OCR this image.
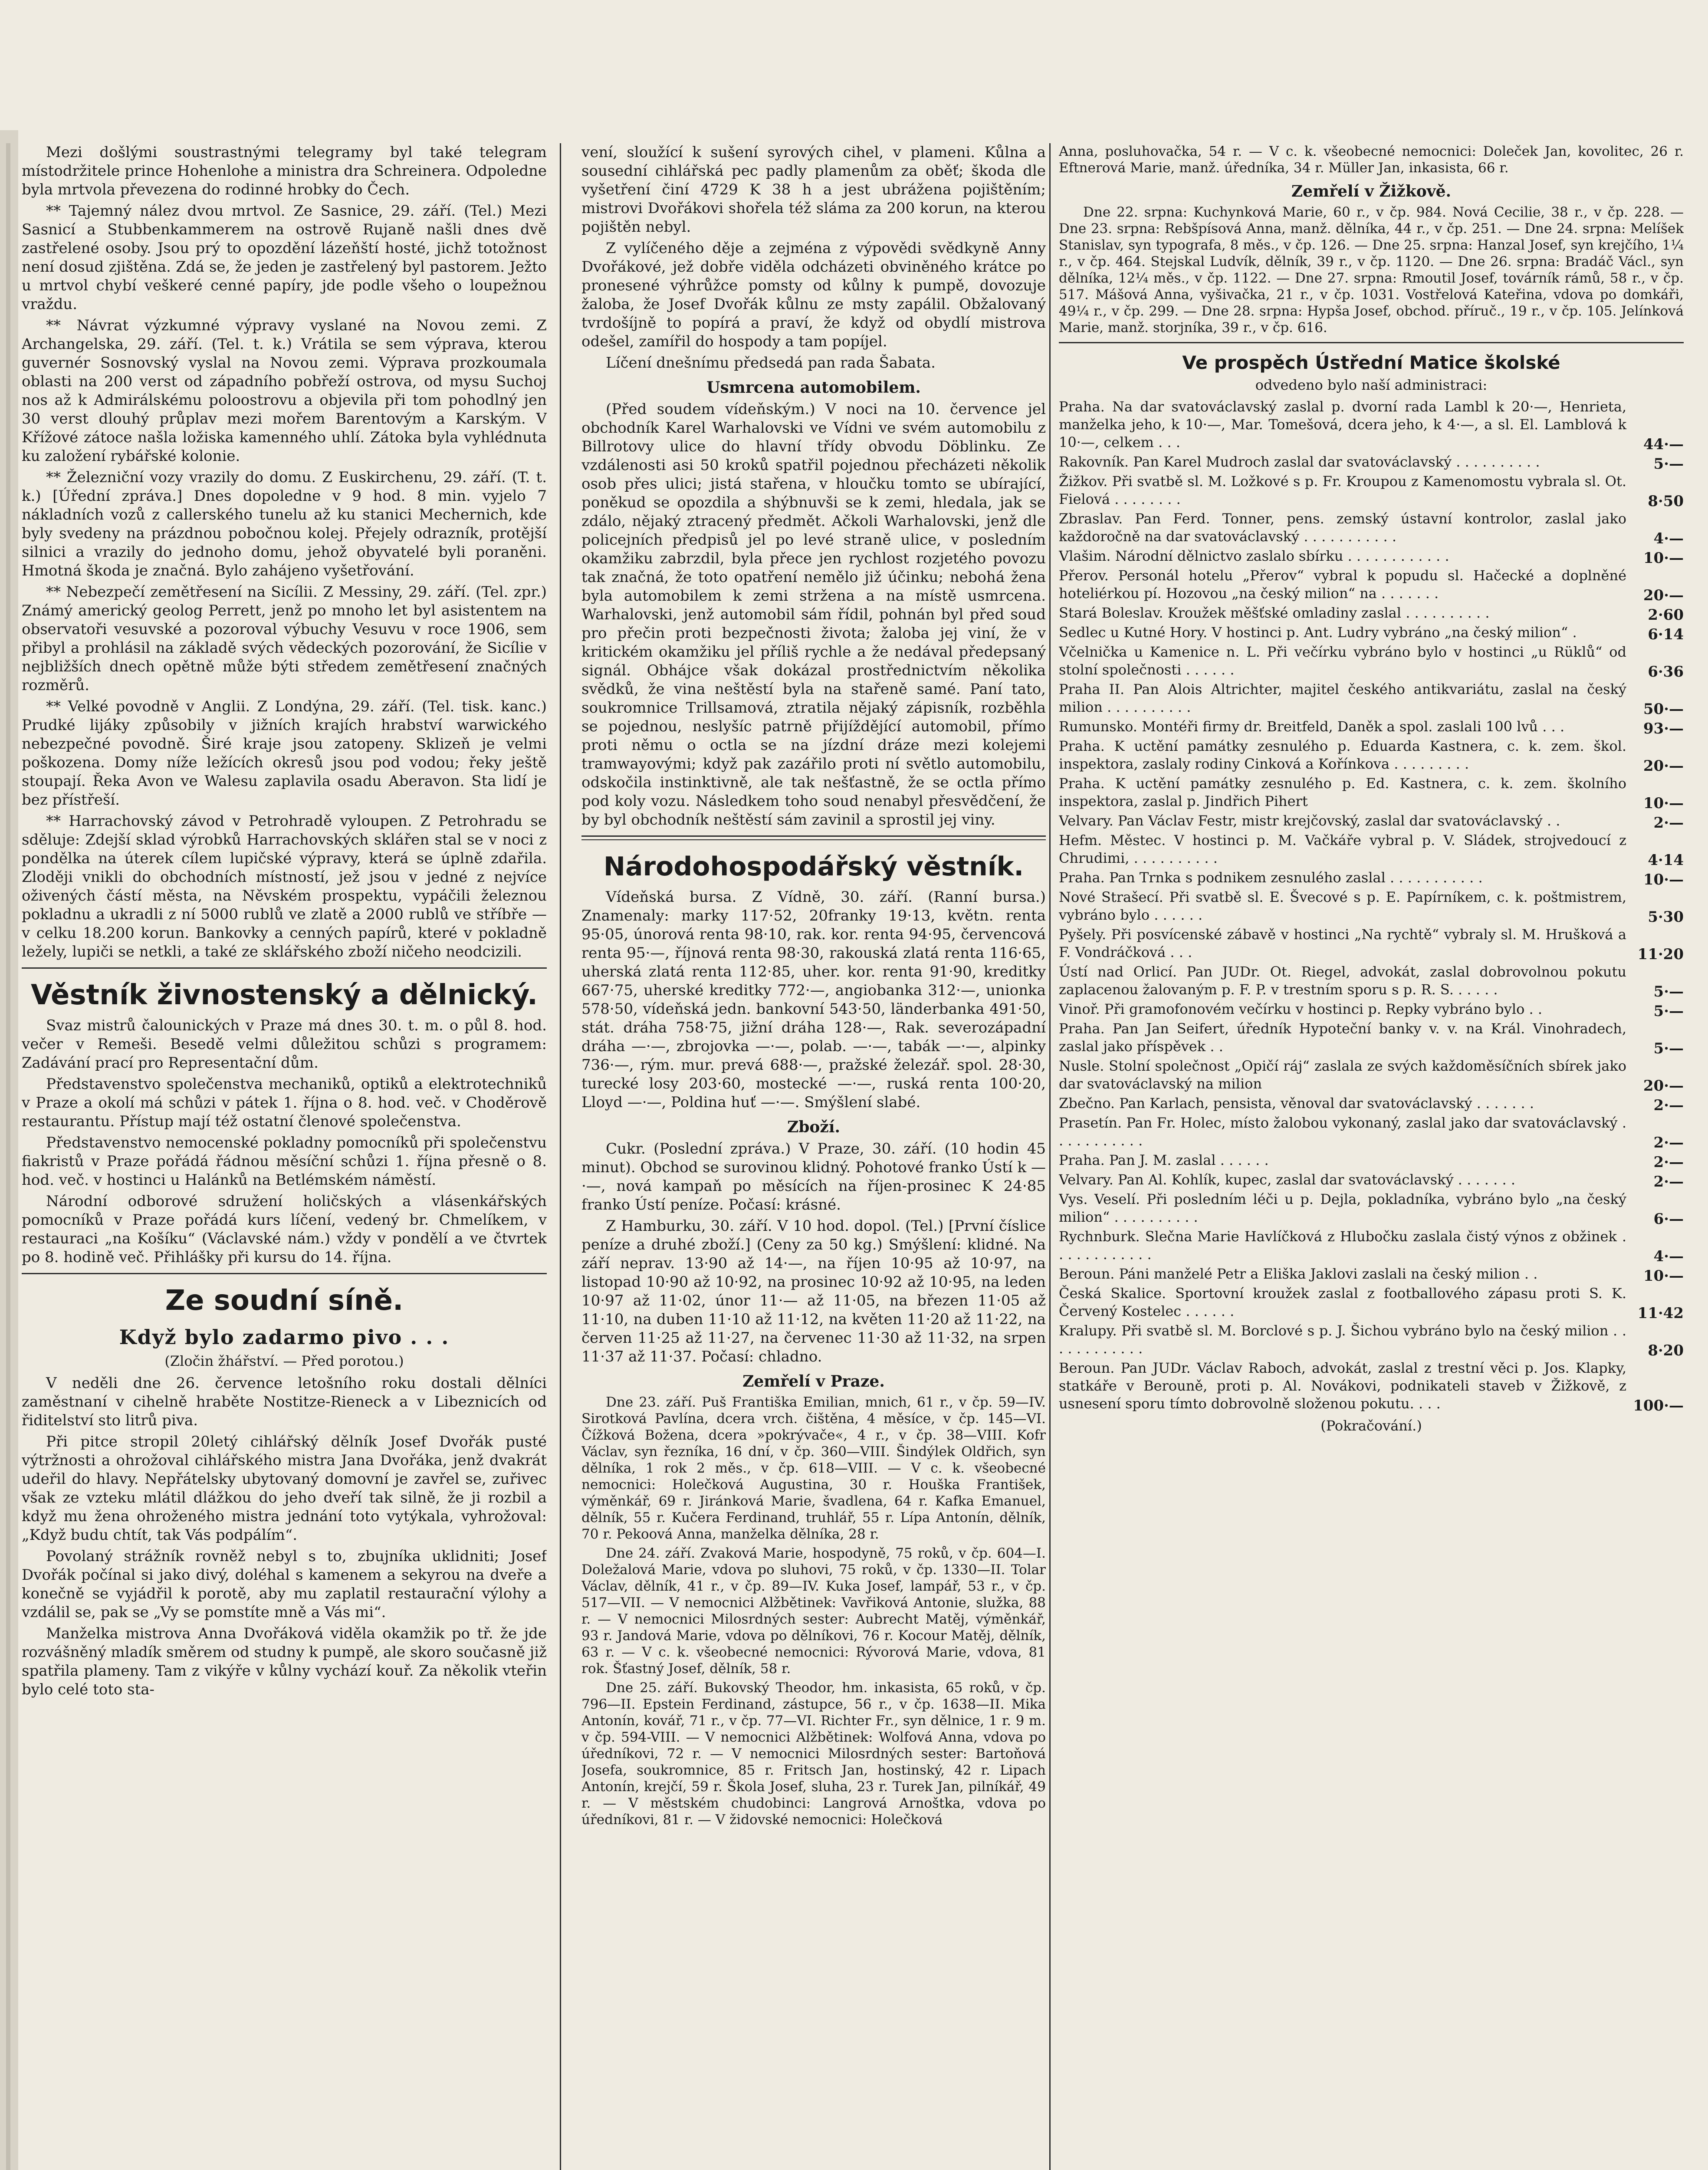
Mezi došlými soustrastnými telegramy byl také telegram místodržitele prince Hohenlohe a ministra dra Schreinera. Odpoledne byla mrtvola převezena do rodinné hrobky do Čech.

** Tajemný nález dvou mrtvol. Ze Sasnice, 29. září. (Tel.) Mezi Sasnicí a Stubbenkammerem na ostrově Rujaně našli dnes dvě zastřelené osoby. Jsou prý to opozdění lázeňští hosté, jichž totožnost není dosud zjištěna. Zdá se, že jeden je zastřelený byl pastorem. Ježto u mrtvol chybí veškeré cenné papíry, jde podle všeho o loupežnou vraždu.

** Návrat výzkumné výpravy vyslané na Novou zemi. Z Archangelska, 29. září. (Tel. t. k.) Vrátila se sem výprava, kterou guvernér Sosnovský vyslal na Novou zemi. Výprava prozkoumala oblasti na 200 verst od západního pobřeží ostrova, od mysu Suchoj nos až k Admirálskému poloostrovu a objevila při tom pohodlný jen 30 verst dlouhý průplav mezi mořem Barentovým a Karským. V Křížové zátoce našla ložiska kamenného uhlí. Zátoka byla vyhlédnuta ku založení rybářské kolonie.

** Železniční vozy vrazily do domu. Z Euskirchenu, 29. září. (T. t. k.) [Úřední zpráva.] Dnes dopoledne v 9 hod. 8 min. vyjelo 7 nákladních vozů z callerského tunelu až ku stanici Mechernich, kde byly svedeny na prázdnou pobočnou kolej. Přejely odrazník, protější silnici a vrazily do jednoho domu, jehož obyvatelé byli poraněni. Hmotná škoda je značná. Bylo zahájeno vyšetřování.

** Nebezpečí zemětřesení na Sicílii. Z Messiny, 29. září. (Tel. zpr.) Známý americký geolog Perrett, jenž po mnoho let byl asistentem na observatoři vesuvské a pozoroval výbuchy Vesuvu v roce 1906, sem přibyl a prohlásil na základě svých vědeckých pozorování, že Sicílie v nejbližších dnech opětně může býti středem zemětřesení značných rozměrů.

** Velké povodně v Anglii. Z Londýna, 29. září. (Tel. tisk. kanc.) Prudké lijáky způsobily v jižních krajích hrabství warwického nebezpečné povodně. Širé kraje jsou zatopeny. Sklizeň je velmi poškozena. Domy níže ležících okresů jsou pod vodou; řeky ještě stoupají. Řeka Avon ve Walesu zaplavila osadu Aberavon. Sta lidí je bez přístřeší.

** Harrachovský závod v Petrohradě vyloupen. Z Petrohradu se sděluje: Zdejší sklad výrobků Harrachovských sklářen stal se v noci z pondělka na úterek cílem lupičské výpravy, která se úplně zdařila. Zloději vnikli do obchodních místností, jež jsou v jedné z nejvíce oživených částí města, na Něvském prospektu, vypáčili železnou pokladnu a ukradli z ní 5000 rublů ve zlatě a 2000 rublů ve stříbře — v celku 18.200 korun. Bankovky a cenných papírů, které v pokladně ležely, lupiči se netkli, a také ze sklářského zboží ničeho neodcizili.

Věstník živnostenský a dělnický.

Svaz mistrů čalounických v Praze má dnes 30. t. m. o půl 8. hod. večer v Remeši. Besedě velmi důležitou schůzi s programem: Zadávání prací pro Representační dům.

Představenstvo společenstva mechaniků, optiků a elektrotechniků v Praze a okolí má schůzi v pátek 1. října o 8. hod. več. v Choděrově restaurantu. Přístup mají též ostatní členové společenstva.

Představenstvo nemocenské pokladny pomocníků při společenstvu fiakristů v Praze pořádá řádnou měsíční schůzi 1. října přesně o 8. hod. več. v hostinci u Halánků na Betlémském náměstí.

Národní odborové sdružení holičských a vlásenkářských pomocníků v Praze pořádá kurs líčení, vedený br. Chmelíkem, v restauraci „na Košíku“ (Václavské nám.) vždy v pondělí a ve čtvrtek po 8. hodině več. Přihlášky při kursu do 14. října.

Ze soudní síně.
Když bylo zadarmo pivo . . .
(Zločin žhářství. — Před porotou.)

V neděli dne 26. července letošního roku dostali dělníci zaměstnaní v cihelně hraběte Nostitze-Rieneck a v Libeznicích od řiditelství sto litrů piva.

Při pitce stropil 20letý cihlářský dělník Josef Dvořák pusté výtržnosti a ohrožoval cihlářského mistra Jana Dvořáka, jenž dvakrát udeřil do hlavy. Nepřátelsky ubytovaný domovní je zavřel se, zuřivec však ze vzteku mlátil dlážkou do jeho dveří tak silně, že ji rozbil a když mu žena ohroženého mistra jednání toto vytýkala, vyhrožoval: „Když budu chtít, tak Vás podpálím“.

Povolaný strážník rovněž nebyl s to, zbujníka uklidniti; Josef Dvořák počínal si jako divý, doléhal s kamenem a sekyrou na dveře a konečně se vyjádřil k porotě, aby mu zaplatil restaurační výlohy a vzdálil se, pak se „Vy se pomstíte mně a Vás mi“.

Manželka mistrova Anna Dvořáková viděla okamžik po tř. že jde rozvášněný mladík směrem od studny k pumpě, ale skoro současně již spatřila plameny. Tam z vikýře v kůlny vychází kouř. Za několik vteřin bylo celé toto sta-

vení, sloužící k sušení syrových cihel, v plameni. Kůlna a sousední cihlářská pec padly plamenům za oběť; škoda dle vyšetření činí 4729 K 38 h a jest ubrážena pojištěním; mistrovi Dvořákovi shořela též sláma za 200 korun, na kterou pojištěn nebyl.

Z vylíčeného děje a zejména z výpovědi svědkyně Anny Dvořákové, jež dobře viděla odcházeti obviněného krátce po pronesené výhrůžce pomsty od kůlny k pumpě, dovozuje žaloba, že Josef Dvořák kůlnu ze msty zapálil. Obžalovaný tvrdošíjně to popírá a praví, že když od obydlí mistrova odešel, zamířil do hospody a tam popíjel.

Líčení dnešnímu předsedá pan rada Šabata.

Usmrcena automobilem.

(Před soudem vídeňským.) V noci na 10. července jel obchodník Karel Warhalovski ve Vídni ve svém automobilu z Billrotovy ulice do hlavní třídy obvodu Döblinku. Ze vzdálenosti asi 50 kroků spatřil pojednou přecházeti několik osob přes ulici; jistá stařena, v hloučku tomto se ubírající, poněkud se opozdila a shýbnuvši se k zemi, hledala, jak se zdálo, nějaký ztracený předmět. Ačkoli Warhalovski, jenž dle policejních předpisů jel po levé straně ulice, v posledním okamžiku zabrzdil, byla přece jen rychlost rozjetého povozu tak značná, že toto opatření nemělo již účinku; nebohá žena byla automobilem k zemi stržena a na místě usmrcena. Warhalovski, jenž automobil sám řídil, pohnán byl před soud pro přečin proti bezpečnosti života; žaloba jej viní, že v kritickém okamžiku jel příliš rychle a že nedával předepsaný signál. Obhájce však dokázal prostřednictvím několika svědků, že vina neštěstí byla na stařeně samé. Paní tato, soukromnice Trillsamová, ztratila nějaký zápisník, rozběhla se pojednou, neslyšíc patrně přijíždějící automobil, přímo proti němu o octla se na jízdní dráze mezi kolejemi tramwayovými; když pak zazářilo proti ní světlo automobilu, odskočila instinktivně, ale tak nešťastně, že se octla přímo pod koly vozu. Následkem toho soud nenabyl přesvědčení, že by byl obchodník neštěstí sám zavinil a sprostil jej viny.

Národohospodářský věstník.

Vídeňská bursa. Z Vídně, 30. září. (Ranní bursa.) Znamenaly: marky 117·52, 20franky 19·13, květn. renta 95·05, únorová renta 98·10, rak. kor. renta 94·95, červencová renta 95·—, říjnová renta 98·30, rakouská zlatá renta 116·65, uherská zlatá renta 112·85, uher. kor. renta 91·90, kreditky 667·75, uherské kreditky 772·—, angiobanka 312·—, unionka 578·50, vídeňská jedn. bankovní 543·50, länderbanka 491·50, stát. dráha 758·75, jižní dráha 128·—, Rak. severozápadní dráha —·—, zbrojovka —·—, polab. —·—, tabák —·—, alpinky 736·—, rým. mur. prevá 688·—, pražské železář. spol. 28·30, turecké losy 203·60, mostecké —·—, ruská renta 100·20, Lloyd —·—, Poldina huť —·—. Smýšlení slabé.

Zboží.

Cukr. (Poslední zpráva.) V Praze, 30. září. (10 hodin 45 minut). Obchod se surovinou klidný. Pohotové franko Ústí k —·—, nová kampaň po měsících na říjen-prosinec K 24·85 franko Ústí peníze. Počasí: krásné.

Z Hamburku, 30. září. V 10 hod. dopol. (Tel.) [První číslice peníze a druhé zboží.] (Ceny za 50 kg.) Smýšlení: klidné. Na září neprav. 13·90 až 14·—, na říjen 10·95 až 10·97, na listopad 10·90 až 10·92, na prosinec 10·92 až 10·95, na leden 10·97 až 11·02, únor 11·— až 11·05, na březen 11·05 až 11·10, na duben 11·10 až 11·12, na květen 11·20 až 11·22, na červen 11·25 až 11·27, na červenec 11·30 až 11·32, na srpen 11·37 až 11·37. Počasí: chladno.

Zemřelí v Praze.

Dne 23. září. Puš Františka Emilian, mnich, 61 r., v čp. 59—IV. Sirotková Pavlína, dcera vrch. čištěna, 4 měsíce, v čp. 145—VI. Čížková Božena, dcera »pokrývače«, 4 r., v čp. 38—VIII. Kofr Václav, syn řezníka, 16 dní, v čp. 360—VIII. Šindýlek Oldřich, syn dělníka, 1 rok 2 měs., v čp. 618—VIII. — V c. k. všeobecné nemocnici: Holečková Augustina, 30 r. Houška František, výměnkář, 69 r. Jiránková Marie, švadlena, 64 r. Kafka Emanuel, dělník, 55 r. Kučera Ferdinand, truhlář, 55 r. Lípa Antonín, dělník, 70 r. Pekoová Anna, manželka dělníka, 28 r.

Dne 24. září. Zvaková Marie, hospodyně, 75 roků, v čp. 604—I. Doležalová Marie, vdova po sluhovi, 75 roků, v čp. 1330—II. Tolar Václav, dělník, 41 r., v čp. 89—IV. Kuka Josef, lampář, 53 r., v čp. 517—VII. — V nemocnici Alžbětinek: Vavřiková Antonie, služka, 88 r. — V nemocnici Milosrdných sester: Aubrecht Matěj, výměnkář, 93 r. Jandová Marie, vdova po dělníkovi, 76 r. Kocour Matěj, dělník, 63 r. — V c. k. všeobecné nemocnici: Rývorová Marie, vdova, 81 rok. Šťastný Josef, dělník, 58 r.

Dne 25. září. Bukovský Theodor, hm. inkasista, 65 roků, v čp. 796—II. Epstein Ferdinand, zástupce, 56 r., v čp. 1638—II. Mika Antonín, kovář, 71 r., v čp. 77—VI. Richter Fr., syn dělnice, 1 r. 9 m. v čp. 594-VIII. — V nemocnici Alžbětinek: Wolfová Anna, vdova po úředníkovi, 72 r. — V nemocnici Milosrdných sester: Bartoňová Josefa, soukromnice, 85 r. Fritsch Jan, hostinský, 42 r. Lipach Antonín, krejčí, 59 r. Škola Josef, sluha, 23 r. Turek Jan, pilníkář, 49 r. — V městském chudobinci: Langrová Arnoštka, vdova po úředníkovi, 81 r. — V židovské nemocnici: Holečková

Anna, posluhovačka, 54 r. — V c. k. všeobecné nemocnici: Doleček Jan, kovolitec, 26 r. Eftnerová Marie, manž. úředníka, 34 r. Müller Jan, inkasista, 66 r.

Zemřelí v Žižkově.

Dne 22. srpna: Kuchynková Marie, 60 r., v čp. 984. Nová Cecilie, 38 r., v čp. 228. — Dne 23. srpna: Rebšpísová Anna, manž. dělníka, 44 r., v čp. 251. — Dne 24. srpna: Melíšek Stanislav, syn typografa, 8 měs., v čp. 126. — Dne 25. srpna: Hanzal Josef, syn krejčího, 1¼ r., v čp. 464. Stejskal Ludvík, dělník, 39 r., v čp. 1120. — Dne 26. srpna: Bradáč Václ., syn dělníka, 12¼ měs., v čp. 1122. — Dne 27. srpna: Rmoutil Josef, továrník rámů, 58 r., v čp. 517. Mášová Anna, vyšivačka, 21 r., v čp. 1031. Vostřelová Kateřina, vdova po domkáři, 49¼ r., v čp. 299. — Dne 28. srpna: Hypša Josef, obchod. příruč., 19 r., v čp. 105. Jelínková Marie, manž. storjníka, 39 r., v čp. 616.

Ve prospěch Ústřední Matice školské
odvedeno bylo naší administraci:
Praha. Na dar svatováclavský zaslal p. dvorní rada Lambl k 20·—, Henrieta, manželka jeho, k 10·—, Mar. Tomešová, dcera jeho, k 4·—, a sl. El. Lamblová k 10·—, celkem . . .	44·—
Rakovník. Pan Karel Mudroch zaslal dar svatováclavský . . . . . . . . . .	5·—
Žižkov. Při svatbě sl. M. Ložkové s p. Fr. Kroupou z Kamenomostu vybrala sl. Ot. Fielová . . . . . . . .	8·50
Zbraslav. Pan Ferd. Tonner, pens. zemský ústavní kontrolor, zaslal jako každoročně na dar svatováclavský . . . . . . . . . . .	4·—
Vlašim. Národní dělnictvo zaslalo sbírku . . . . . . . . . . . .	10·—
Přerov. Personál hotelu „Přerov“ vybral k popudu sl. Hačecké a doplněné hoteliérkou pí. Hozovou „na český milion“ na . . . . . . .	20·—
Stará Boleslav. Kroužek měšťské omladiny zaslal . . . . . . . . . .	2·60
Sedlec u Kutné Hory. V hostinci p. Ant. Ludry vybráno „na český milion“ .	6·14
Včelnička u Kamenice n. L. Při večírku vybráno bylo v hostinci „u Rüklů“ od stolní společnosti . . . . . .	6·36
Praha II. Pan Alois Altrichter, majitel českého antikvariátu, zaslal na český milion . . . . . . . . . .	50·—
Rumunsko. Montéři firmy dr. Breitfeld, Daněk a spol. zaslali 100 lvů . . .	93·—
Praha. K uctění památky zesnulého p. Eduarda Kastnera, c. k. zem. škol. inspektora, zaslaly rodiny Cinková a Kořínkova . . . . . . . . .	20·—
Praha. K uctění památky zesnulého p. Ed. Kastnera, c. k. zem. školního inspektora, zaslal p. Jindřich Pihert	10·—
Velvary. Pan Václav Festr, mistr krejčovský, zaslal dar svatováclavský . .	2·—
Hefm. Městec. V hostinci p. M. Vačkáře vybral p. V. Sládek, strojvedoucí z Chrudimi, . . . . . . . . . .	4·14
Praha. Pan Trnka s podnikem zesnulého zaslal . . . . . . . . . . .	10·—
Nové Strašecí. Při svatbě sl. E. Švecové s p. E. Papírníkem, c. k. poštmistrem, vybráno bylo . . . . . .	5·30
Pyšely. Při posvícenské zábavě v hostinci „Na rychtě“ vybraly sl. M. Hrušková a F. Vondráčková . . .	11·20
Ústí nad Orlicí. Pan JUDr. Ot. Riegel, advokát, zaslal dobrovolnou pokutu zaplacenou žalovaným p. F. P. v trestním sporu s p. R. S. . . . . .	5·—
Vinoř. Při gramofonovém večírku v hostinci p. Repky vybráno bylo . .	5·—
Praha. Pan Jan Seifert, úředník Hypoteční banky v. v. na Král. Vinohradech, zaslal jako příspěvek . .	5·—
Nusle. Stolní společnost „Opičí ráj“ zaslala ze svých každoměsíčních sbírek jako dar svatováclavský na milion	20·—
Zbečno. Pan Karlach, pensista, věnoval dar svatováclavský . . . . . . .	2·—
Prasetín. Pan Fr. Holec, místo žalobou vykonaný, zaslal jako dar svatováclavský . . . . . . . . . . .	2·—
Praha. Pan J. M. zaslal . . . . . .	2·—
Velvary. Pan Al. Kohlík, kupec, zaslal dar svatováclavský . . . . . . .	2·—
Vys. Veselí. Při posledním léči u p. Dejla, pokladníka, vybráno bylo „na český milion“ . . . . . . . . . .	6·—
Rychnburk. Slečna Marie Havlíčková z Hlubočku zaslala čistý výnos z obžinek . . . . . . . . . . . .	4·—
Beroun. Páni manželé Petr a Eliška Jaklovi zaslali na český milion . .	10·—
Česká Skalice. Sportovní kroužek zaslal z footballového zápasu proti S. K. Červený Kostelec . . . . . .	11·42
Kralupy. Při svatbě sl. M. Borclové s p. J. Šichou vybráno bylo na český milion . . . . . . . . . . . .	8·20
Beroun. Pan JUDr. Václav Raboch, advokát, zaslal z trestní věci p. Jos. Klapky, statkáře v Berouně, proti p. Al. Novákovi, podnikateli staveb v Žižkově, z usnesení sporu tímto dobrovolně složenou pokutu. . . .	100·—
(Pokračování.)
